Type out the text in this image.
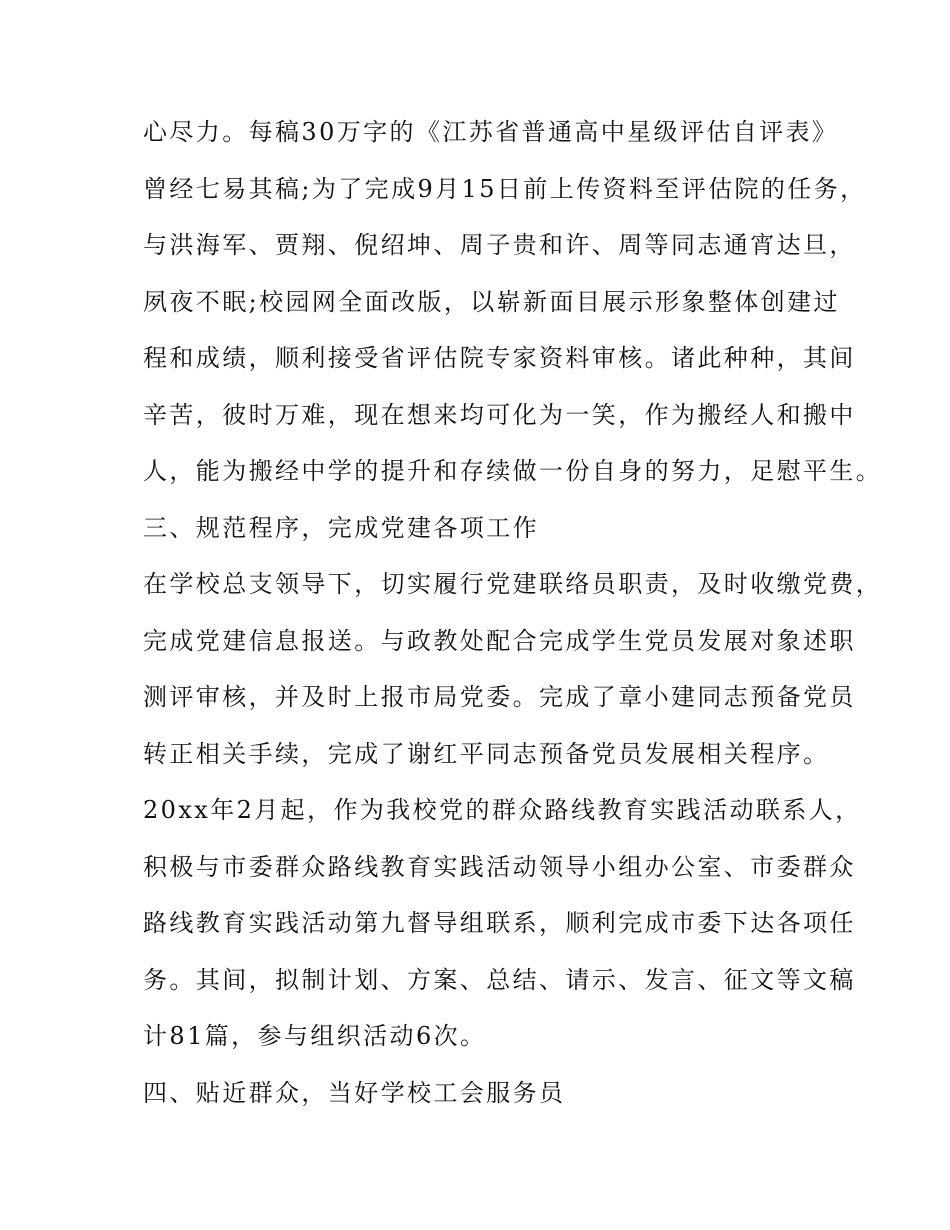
心尽力。每稿30万字的《江苏省普通高中星级评估自评表》
曾经七易其稿;为了完成9月15日前上传资料至评估院的任务，
与洪海军、贾翔、倪绍坤、周子贵和许、周等同志通宵达旦，
夙夜不眠;校园网全面改版，以崭新面目展示形象整体创建过
程和成绩，顺利接受省评估院专家资料审核。诸此种种，其间
辛苦，彼时万难，现在想来均可化为一笑，作为搬经人和搬中
人，能为搬经中学的提升和存续做一份自身的努力，足慰平生。
三、规范程序，完成党建各项工作
在学校总支领导下，切实履行党建联络员职责，及时收缴党费，
完成党建信息报送。与政教处配合完成学生党员发展对象述职
测评审核，并及时上报市局党委。完成了章小建同志预备党员
转正相关手续，完成了谢红平同志预备党员发展相关程序。
20xx年2月起，作为我校党的群众路线教育实践活动联系人，
积极与市委群众路线教育实践活动领导小组办公室、市委群众
路线教育实践活动第九督导组联系，顺利完成市委下达各项任
务。其间，拟制计划、方案、总结、请示、发言、征文等文稿
计81篇，参与组织活动6次。
四、贴近群众，当好学校工会服务员
